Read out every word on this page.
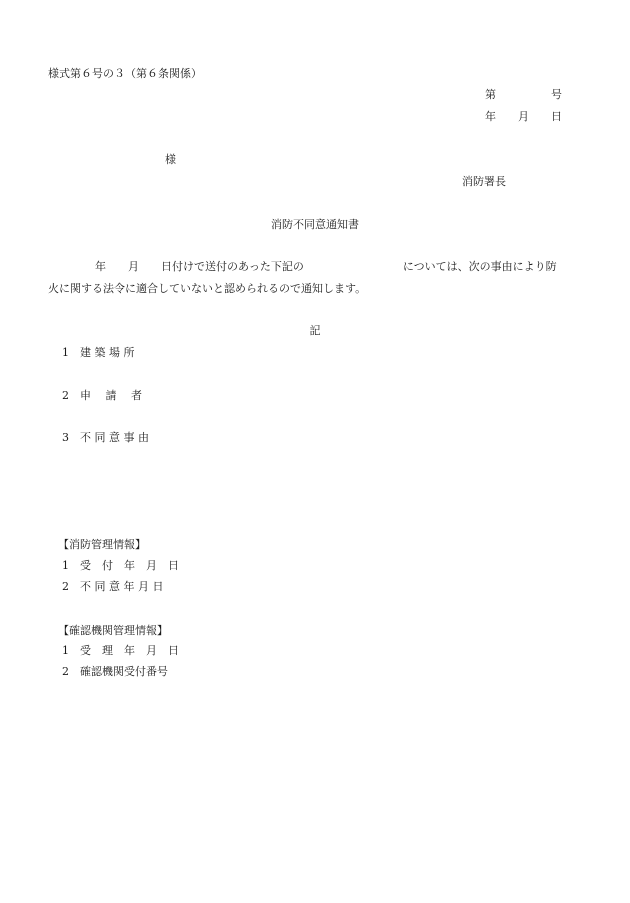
様式第６号の３（第６条関係）
第　　　　　号
年　　月　　日
様
消防署長
消防不同意通知書
年　　月　　日付けで送付のあった下記の　　　　　　　　　については、次の事由により防
火に関する法令に適合していないと認められるので通知します。
記
1　建 築 場 所
2　申　 請　 者
3　不 同 意 事 由
【消防管理情報】
1　受　付　年　月　日
2　不 同 意 年 月 日
【確認機関管理情報】
1　受　理　年　月　日
2　確認機関受付番号
